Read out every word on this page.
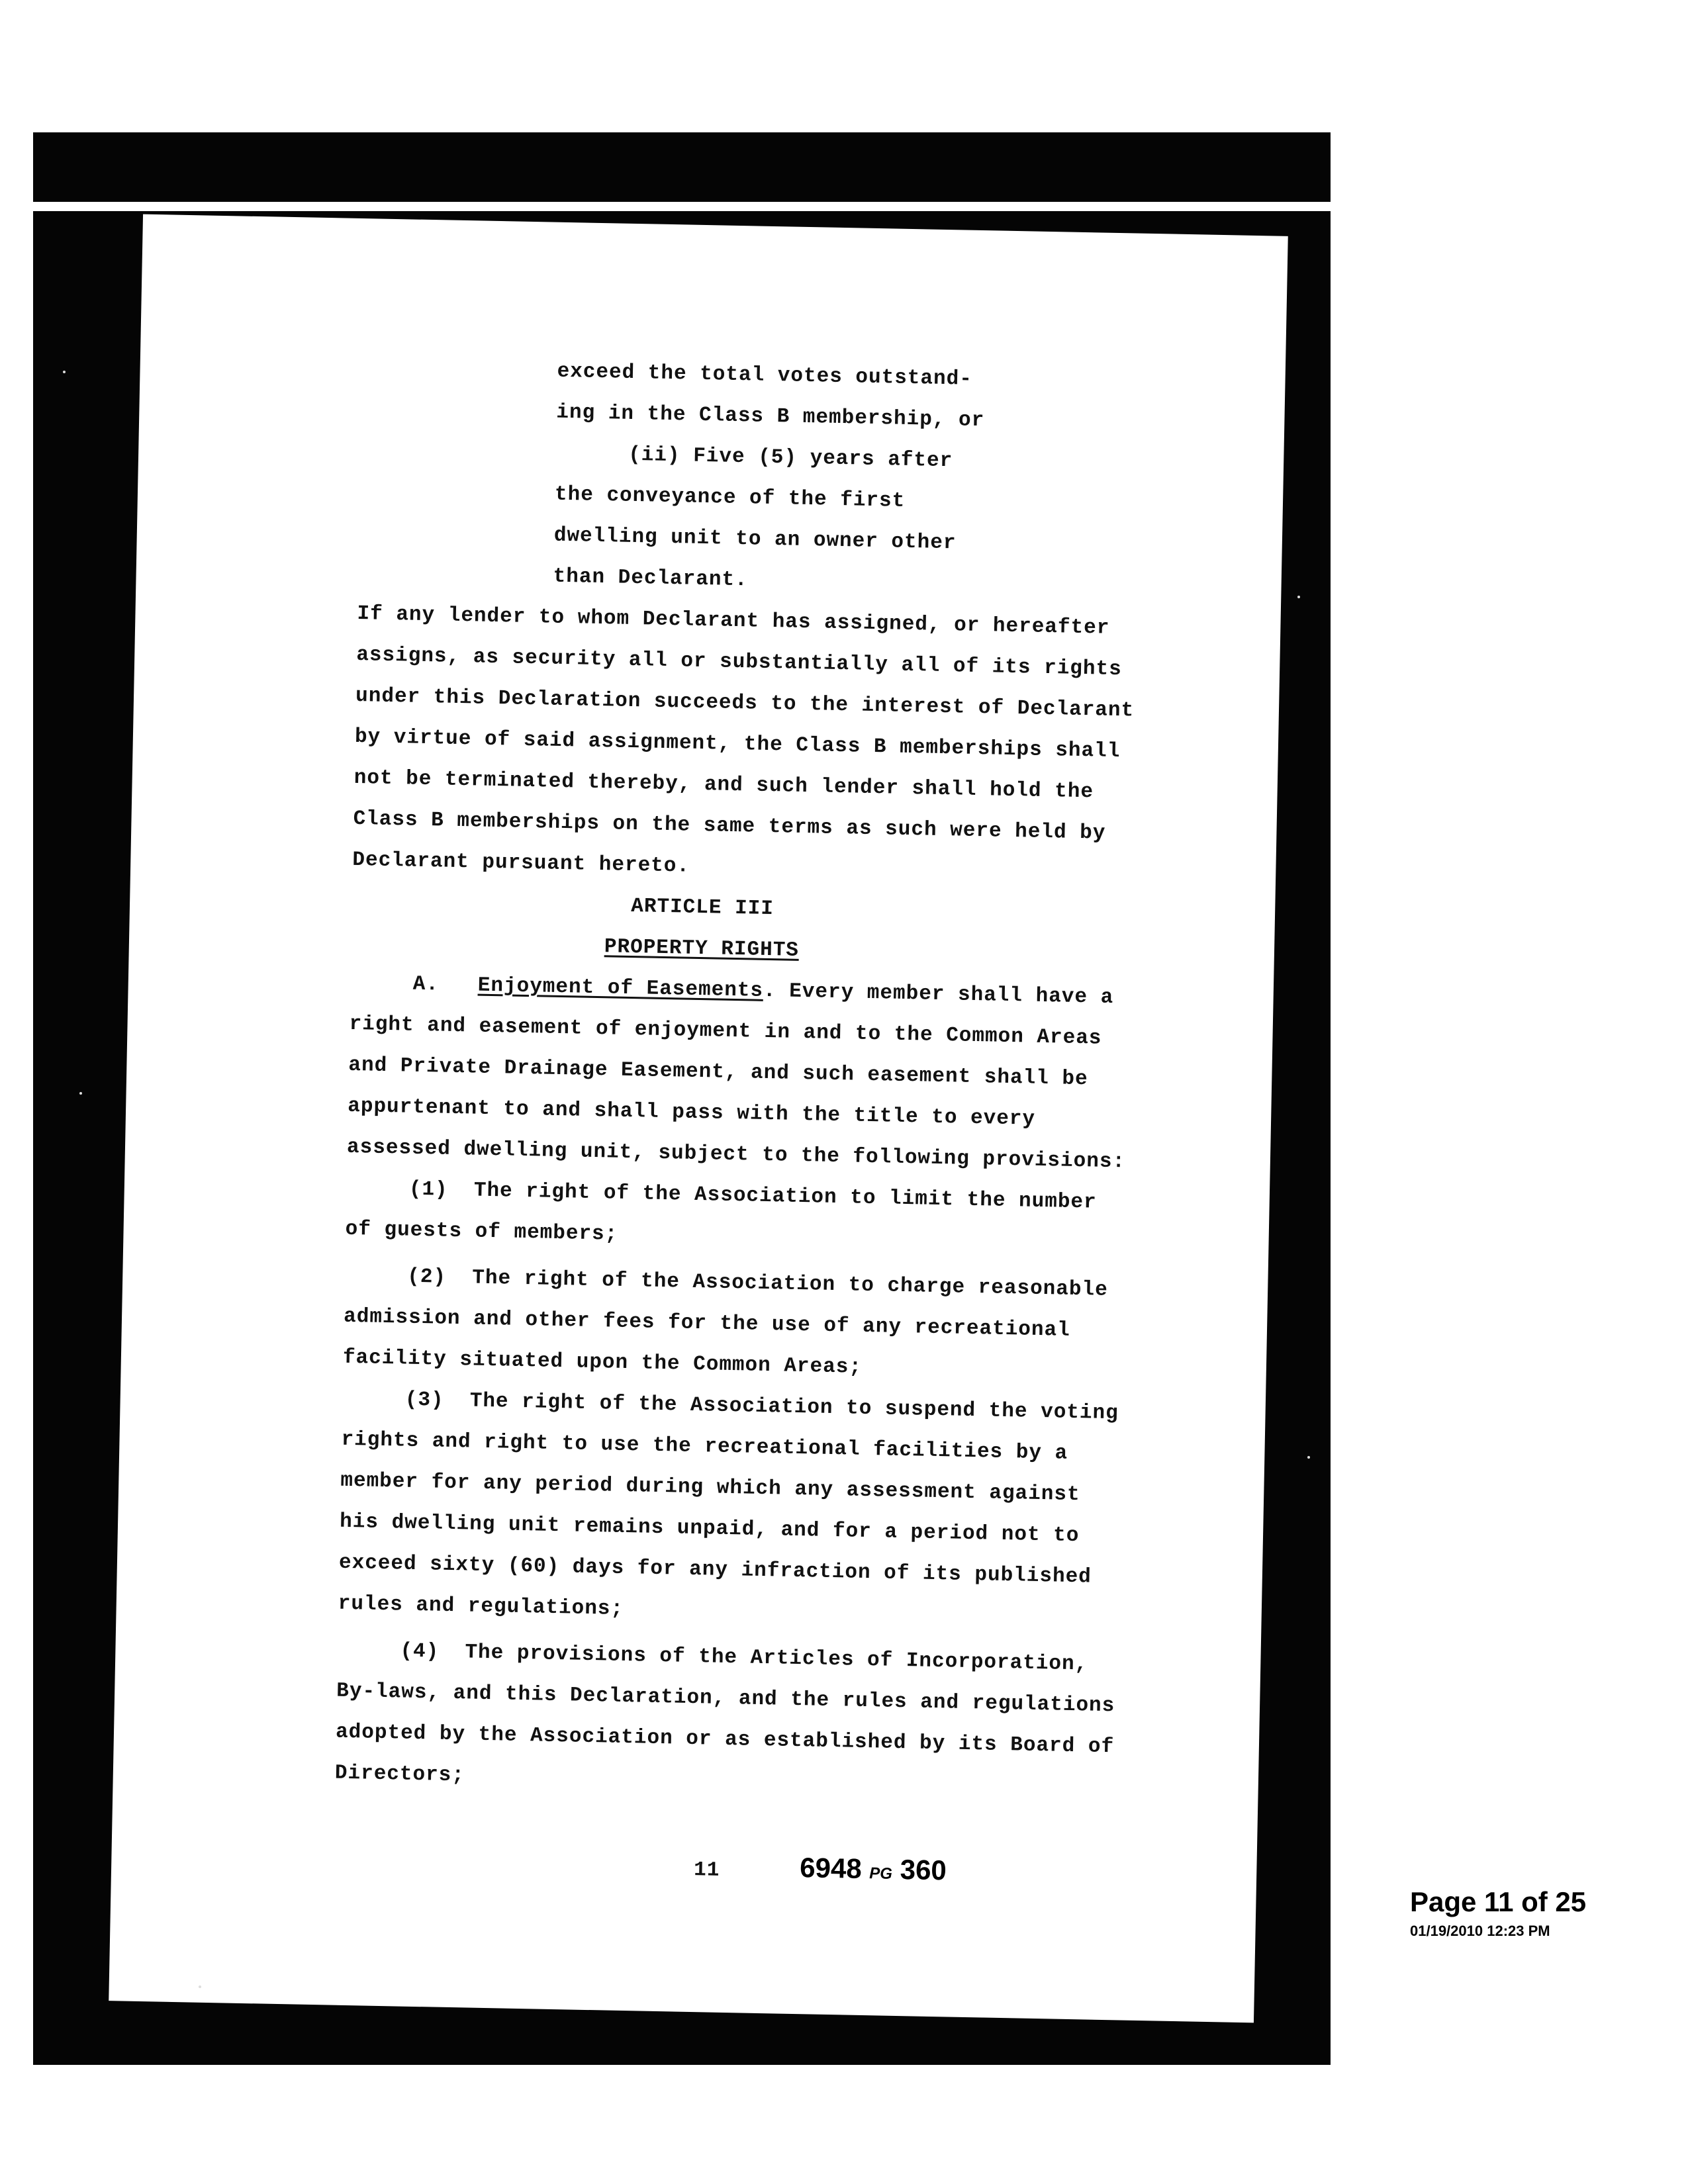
exceed the total votes outstand-
ing in the Class B membership, or
(ii) Five (5) years after
the conveyance of the first
dwelling unit to an owner other
than Declarant.
If any lender to whom Declarant has assigned, or hereafter
assigns, as security all or substantially all of its rights
under this Declaration succeeds to the interest of Declarant
by virtue of said assignment, the Class B memberships shall
not be terminated thereby, and such lender shall hold the
Class B memberships on the same terms as such were held by
Declarant pursuant hereto.
ARTICLE III
PROPERTY RIGHTS
A. Enjoyment of Easements. Every member shall have a
right and easement of enjoyment in and to the Common Areas
and Private Drainage Easement, and such easement shall be
appurtenant to and shall pass with the title to every
assessed dwelling unit, subject to the following provisions:
(1)  The right of the Association to limit the number
of guests of members;
(2)  The right of the Association to charge reasonable
admission and other fees for the use of any recreational
facility situated upon the Common Areas;
(3)  The right of the Association to suspend the voting
rights and right to use the recreational facilities by a
member for any period during which any assessment against
his dwelling unit remains unpaid, and for a period not to
exceed sixty (60) days for any infraction of its published
rules and regulations;
(4)  The provisions of the Articles of Incorporation,
By-laws, and this Declaration, and the rules and regulations
adopted by the Association or as established by its Board of
Directors;
11	6948 PG 360
Page 11 of 25
01/19/2010 12:23 PM
